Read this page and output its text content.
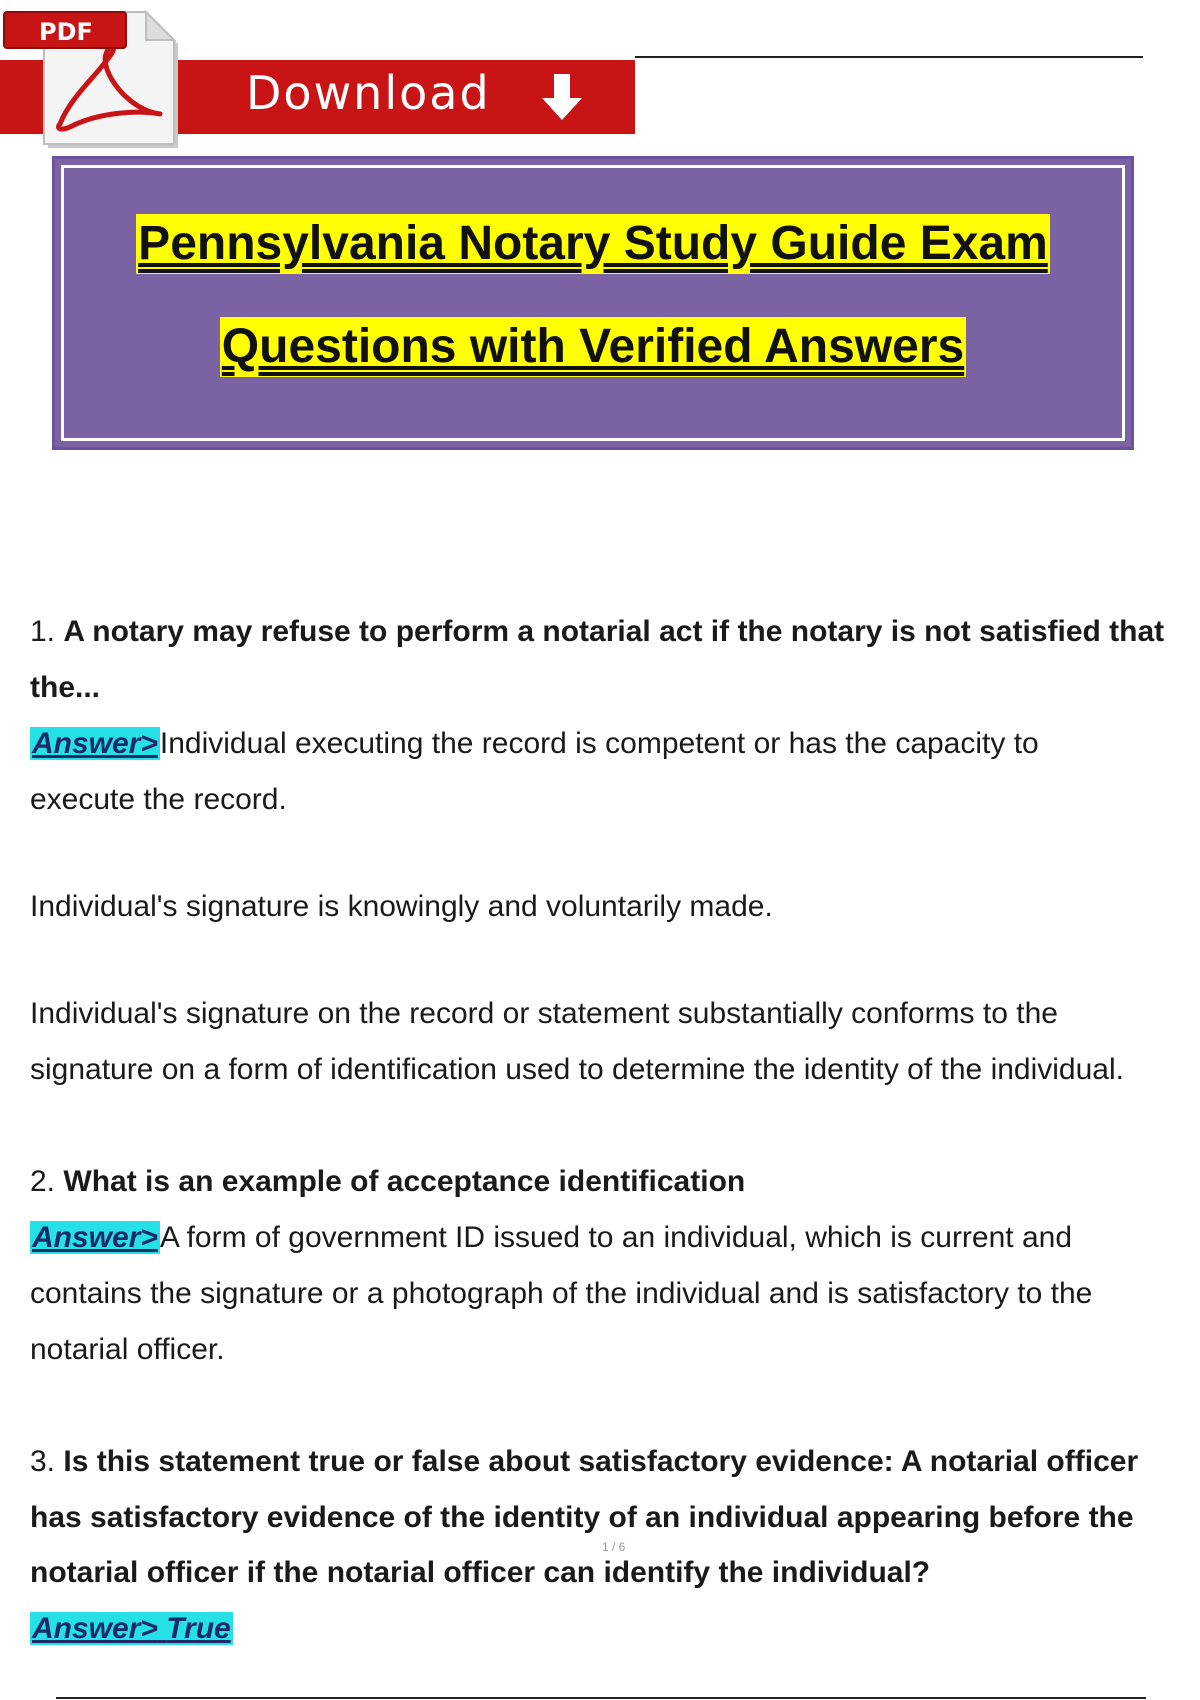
PDF
Download
Pennsylvania Notary Study Guide Exam
Questions with Verified Answers
1. A notary may refuse to perform a notarial act if the notary is not satisfied that
the...
Answer>Individual executing the record is competent or has the capacity to
execute the record.
Individual's signature is knowingly and voluntarily made.
Individual's signature on the record or statement substantially conforms to the
signature on a form of identification used to determine the identity of the individual.
2. What is an example of acceptance identification
Answer>A form of government ID issued to an individual, which is current and
contains the signature or a photograph of the individual and is satisfactory to the
notarial officer.
3. Is this statement true or false about satisfactory evidence: A notarial officer
has satisfactory evidence of the identity of an individual appearing before the
notarial officer if the notarial officer can identify the individual?
Answer> True
1 / 6
